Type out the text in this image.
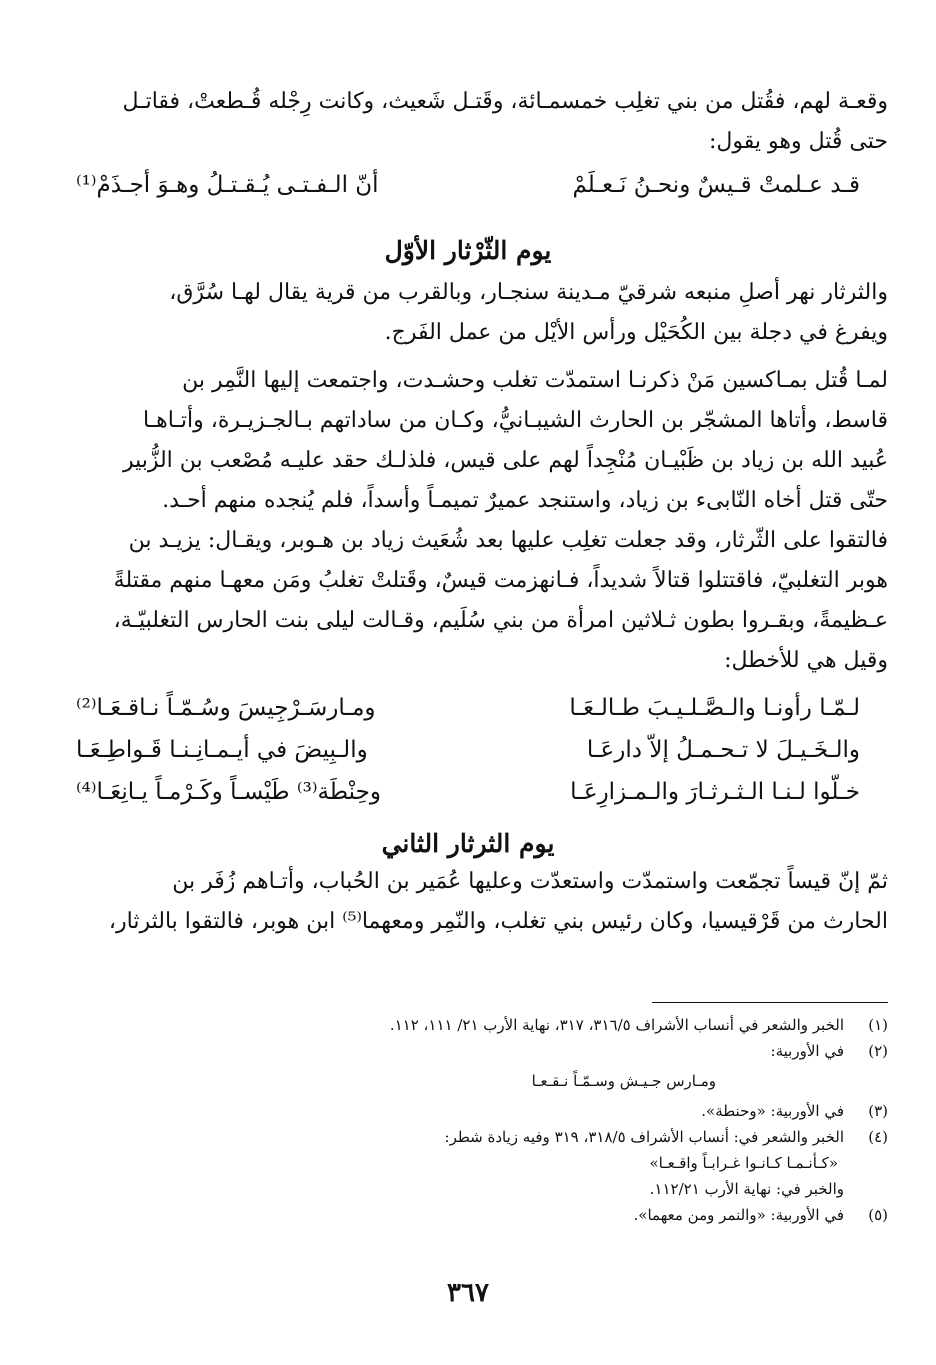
وقعـة لهم، فقُتل من بني تغلِب خمسمـائة، وقَتـل شَعيث، وكانت رِجْله قُـطعتْ، فقاتـل
حتى قُتل وهو يقول:

قـد عـلمتْ قـيسٌ ونحـنُ نَـعـلَمْ
أنّ الـفـتـى يُـقـتـلُ وهـوَ أجـذَمْ⁽¹⁾
يوم الثّرْثار الأوّل

والثرثار نهر أصلِ منبعه شرقيّ مـدينة سنجـار، وبالقرب من قرية يقال لهـا سُرَّق،
ويفرغ في دجلة بين الكُحَيْل ورأس الأيْل من عمل الفَرج.

لمـا قُتل بمـاكسين مَنْ ذكرنـا استمدّت تغلب وحشـدت، واجتمعت إليها النَّمِر بن
قاسط، وأتاها المشجّر بن الحارث الشيبـانيُّ، وكـان من ساداتهم بـالجـزيـرة، وأتـاهـا
عُبيد الله بن زياد بن ظَبْيـان مُنْجِداً لهم على قيس، فلذلـك حقد عليـه مُصْعب بن الزُّبير
حتّى قتل أخاه النّابىء بن زياد، واستنجد عميرٌ تميمـاً وأسداً، فلم يُنجده منهم أحـد.
فالتقوا على الثّرثار، وقد جعلت تغلِب عليها بعد شُعَيث زياد بن هـوبر، ويقـال: يزيـد بن
هوبر التغلبيّ، فاقتتلوا قتالاً شديداً، فـانهزمت قيسٌ، وقَتلتْ تغلبُ ومَن معهـا منهم مقتلةً
عـظيمةً، وبقـروا بطون ثـلاثين امرأة من بني سُلَيم، وقـالت ليلى بنت الحارس التغلبيّـة،
وقيل هي للأخطل:

لـمّـا رأونـا والـصَّـلـيـبَ طـالـعَـا
ومـارسَـرْجِيسَ وسُـمّـاً نـاقـعَـا⁽²⁾
والـخَـيـلَ لا تـحـمـلُ إلاّ دارعَـا
والـبِيضَ في أيـمـانِـنـا قَـواطِـعَـا
خـلّوا لـنـا الـثـرثـارَ والـمـزارِعَـا
وحِنْطَة⁽³⁾ طَيْسـاً وكَـرْمـاً يـانِعَـا⁽⁴⁾
يوم الثرثار الثاني

ثمّ إنّ قيساً تجمّعت واستمدّت واستعدّت وعليها عُمَير بن الحُباب، وأتـاهم زُفَر بن
الحارث من قَرْقيسيا، وكان رئيس بني تغلب، والنّمِر ومعهما⁽⁵⁾ ابن هوبر، فالتقوا بالثرثار،

(١)
الخبر والشعر في أنساب الأشراف ٣١٦/٥، ٣١٧، نهاية الأرب ٢١/ ١١١، ١١٢.
(٢)
في الأوربية:
ومـارس جـيـش وسـمّـاً نـقـعـا
(٣)
في الأوربية: «وحنطة».
(٤)
الخبر والشعر في: أنساب الأشراف ٣١٨/٥، ٣١٩ وفيه زيادة شطر:
«كـأنـمـا كـانـوا غـرابـاً واقـعـا»
والخبر في: نهاية الأرب ١١٢/٢١.
(٥)
في الأوربية: «والنمر ومن معهما».
٣٦٧
